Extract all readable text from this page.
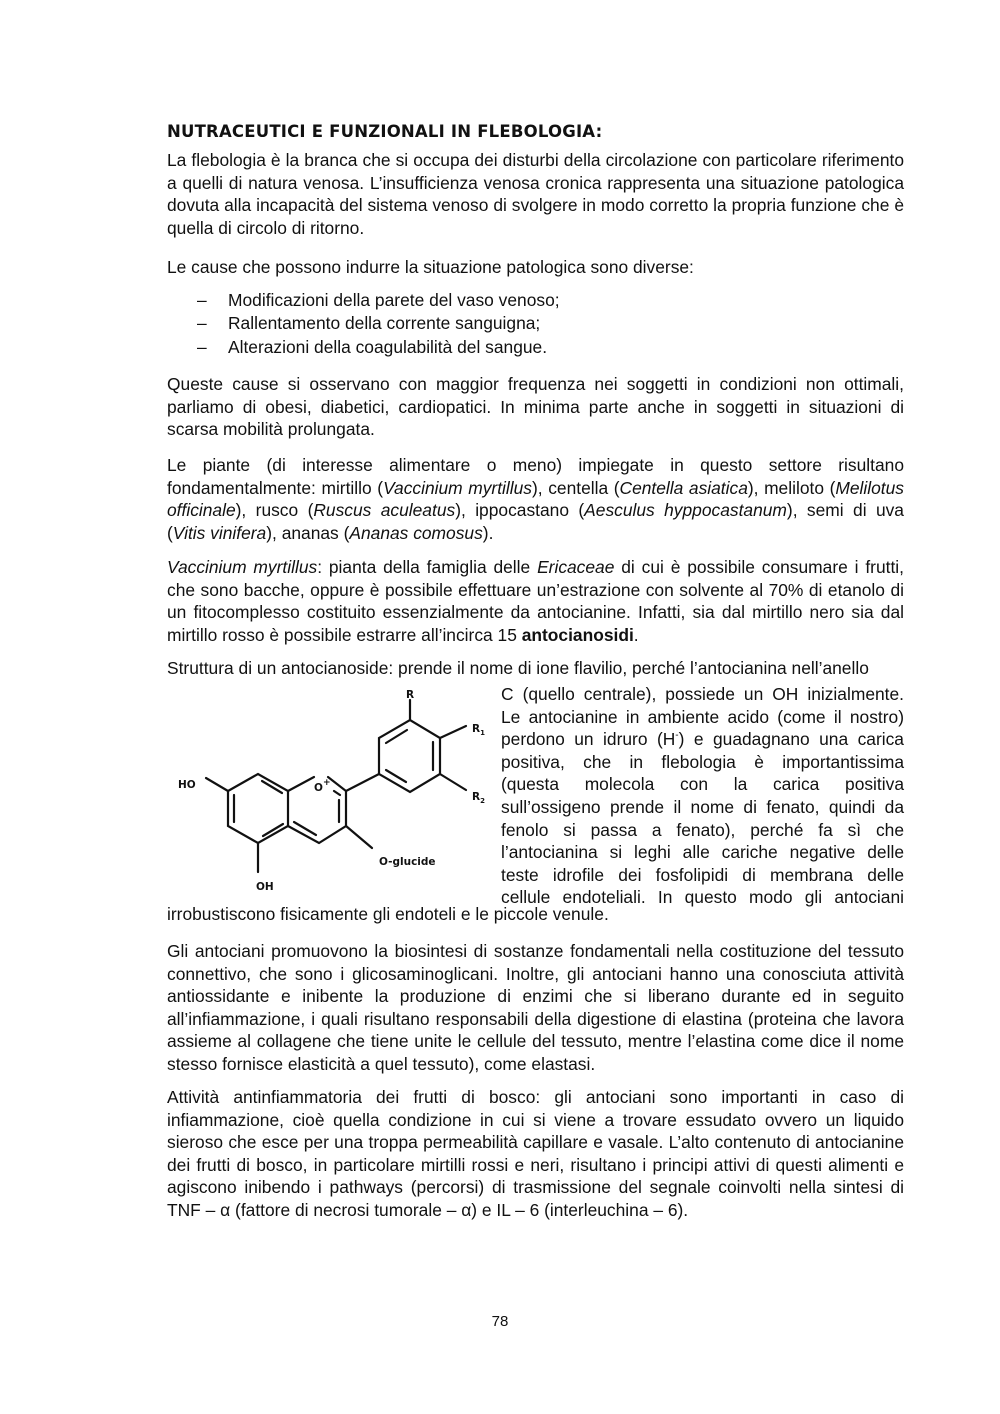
NUTRACEUTICI E FUNZIONALI IN FLEBOLOGIA:

La flebologia è la branca che si occupa dei disturbi della circolazione con particolare riferimento a quelli di natura venosa. L’insufficienza venosa cronica rappresenta una situazione patologica dovuta alla incapacità del sistema venoso di svolgere in modo corretto la propria funzione che è quella di circolo di ritorno.

Le cause che possono indurre la situazione patologica sono diverse:

– Modificazioni della parete del vaso venoso;
– Rallentamento della corrente sanguigna;
– Alterazioni della coagulabilità del sangue.

Queste cause si osservano con maggior frequenza nei soggetti in condizioni non ottimali, parliamo di obesi, diabetici, cardiopatici. In minima parte anche in soggetti in situazioni di scarsa mobilità prolungata.

Le piante (di interesse alimentare o meno) impiegate in questo settore risultano fondamentalmente: mirtillo (Vaccinium myrtillus), centella (Centella asiatica), meliloto (Melilotus officinale), rusco (Ruscus aculeatus), ippocastano (Aesculus hyppocastanum), semi di uva (Vitis vinifera), ananas (Ananas comosus).

Vaccinium myrtillus: pianta della famiglia delle Ericaceae di cui è possibile consumare i frutti, che sono bacche, oppure è possibile effettuare un’estrazione con solvente al 70% di etanolo di un fitocomplesso costituito essenzialmente da antocianine. Infatti, sia dal mirtillo nero sia dal mirtillo rosso è possibile estrarre all’incirca 15 antocianosidi.

Struttura di un antocianoside: prende il nome di ione flavilio, perché l’antocianina nell’anello
R
$R_1$
$R_2$
HO	O+
O-glucide
OH

C (quello centrale), possiede un OH inizialmente.

Le antocianine in ambiente acido (come il nostro)

perdono un idruro (H-) e guadagnano una carica

positiva, che in flebologia è importantissima

(questa molecola con la carica positiva

sull’ossigeno prende il nome di fenato, quindi da

fenolo si passa a fenato), perché fa sì che

l’antocianina si leghi alle cariche negative delle

teste idrofile dei fosfolipidi di membrana delle

cellule endoteliali. In questo modo gli antociani

irrobustiscono fisicamente gli endoteli e le piccole venule.

Gli antociani promuovono la biosintesi di sostanze fondamentali nella costituzione del tessuto connettivo, che sono i glicosaminoglicani. Inoltre, gli antociani hanno una conosciuta attività antiossidante e inibente la produzione di enzimi che si liberano durante ed in seguito all’infiammazione, i quali risultano responsabili della digestione di elastina (proteina che lavora assieme al collagene che tiene unite le cellule del tessuto, mentre l’elastina come dice il nome stesso fornisce elasticità a quel tessuto), come elastasi.

Attività antinfiammatoria dei frutti di bosco: gli antociani sono importanti in caso di infiammazione, cioè quella condizione in cui si viene a trovare essudato ovvero un liquido sieroso che esce per una troppa permeabilità capillare e vasale. L’alto contenuto di antocianine dei frutti di bosco, in particolare mirtilli rossi e neri, risultano i principi attivi di questi alimenti e agiscono inibendo i pathways (percorsi) di trasmissione del segnale coinvolti nella sintesi di TNF – α (fattore di necrosi tumorale – α) e IL – 6 (interleuchina – 6).

78
